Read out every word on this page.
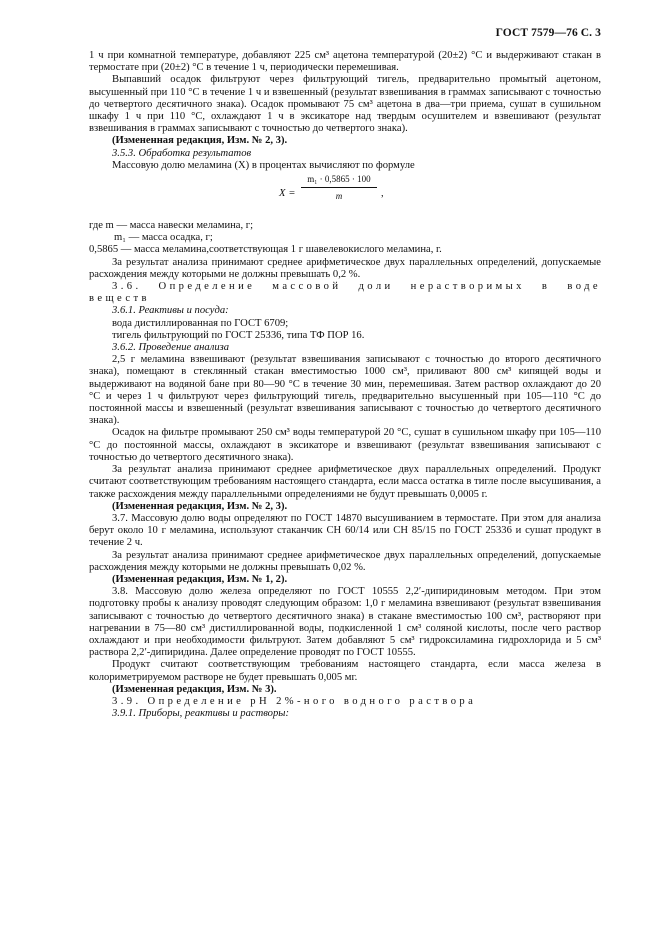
ГОСТ 7579—76 С. 3

1 ч при комнатной температуре, добавляют 225 см³ ацетона температурой (20±2) °С и выдерживают стакан в термостате при (20±2) °С в течение 1 ч, периодически перемешивая.

Выпавший осадок фильтруют через фильтрующий тигель, предварительно промытый ацетоном, высушенный при 110 °С в течение 1 ч и взвешенный (результат взвешивания в граммах записывают с точностью до четвертого десятичного знака). Осадок промывают 75 см³ ацетона в два—три приема, сушат в сушильном шкафу 1 ч при 110 °С, охлаждают 1 ч в эксикаторе над твердым осушителем и взвешивают (результат взвешивания в граммах записывают с точностью до четвертого знака).

(Измененная редакция, Изм. № 2, 3).

3.5.3. Обработка результатов

Массовую долю меламина (X) в процентах вычисляют по формуле

$X = \frac{\text{m₁ · 0,5865 · 100}}{m}$ ,

где m — масса навески меламина, г;

m₁ — масса осадка, г;

0,5865 — масса меламина,соответствующая 1 г шавелевокислого меламина, г.

За результат анализа принимают среднее арифметическое двух параллельных определений, допускаемые расхождения между которыми не должны превышать 0,2 %.

3.6. Определение массовой доли нерастворимых в воде веществ

3.6.1. Реактивы и посуда:

вода дистиллированная по ГОСТ 6709;

тигель фильтрующий по ГОСТ 25336, типа ТФ ПОР 16.

3.6.2. Проведение анализа

2,5 г меламина взвешивают (результат взвешивания записывают с точностью до второго десятичного знака), помещают в стеклянный стакан вместимостью 1000 см³, приливают 800 см³ кипящей воды и выдерживают на водяной бане при 80—90 °С в течение 30 мин, перемешивая. Затем раствор охлаждают до 20 °С и через 1 ч фильтруют через фильтрующий тигель, предварительно высушенный при 105—110 °С до постоянной массы и взвешенный (результат взвешивания записывают с точностью до четвертого десятичного знака).

Осадок на фильтре промывают 250 см³ воды температурой 20 °С, сушат в сушильном шкафу при 105—110 °С до постоянной массы, охлаждают в эксикаторе и взвешивают (результат взвешивания записывают с точностью до четвертого десятичного знака).

За результат анализа принимают среднее арифметическое двух параллельных определений. Продукт считают соответствующим требованиям настоящего стандарта, если масса остатка в тигле после высушивания, а также расхождения между параллельными определениями не будут превышать 0,0005 г.

(Измененная редакция, Изм. № 2, 3).

3.7. Массовую долю воды определяют по ГОСТ 14870 высушиванием в термостате. При этом для анализа берут около 10 г меламина, используют стаканчик СН 60/14 или СН 85/15 по ГОСТ 25336 и сушат продукт в течение 2 ч.

За результат анализа принимают среднее арифметическое двух параллельных определений, допускаемые расхождения между которыми не должны превышать 0,02 %.

(Измененная редакция, Изм. № 1, 2).

3.8. Массовую долю железа определяют по ГОСТ 10555 2,2′-дипиридиновым методом. При этом подготовку пробы к анализу проводят следующим образом: 1,0 г меламина взвешивают (результат взвешивания записывают с точностью до четвертого десятичного знака) в стакане вместимостью 100 см³, растворяют при нагревании в 75—80 см³ дистиллированной воды, подкисленной 1 см³ соляной кислоты, после чего раствор охлаждают и при необходимости фильтруют. Затем добавляют 5 см³ гидроксиламина гидрохлорида и 5 см³ раствора 2,2′-дипиридина. Далее определение проводят по ГОСТ 10555.

Продукт считают соответствующим требованиям настоящего стандарта, если масса железа в колориметрируемом растворе не будет превышать 0,005 мг.

(Измененная редакция, Изм. № 3).

3.9. Определение pH 2%-ного водного раствора

3.9.1. Приборы, реактивы и растворы:
